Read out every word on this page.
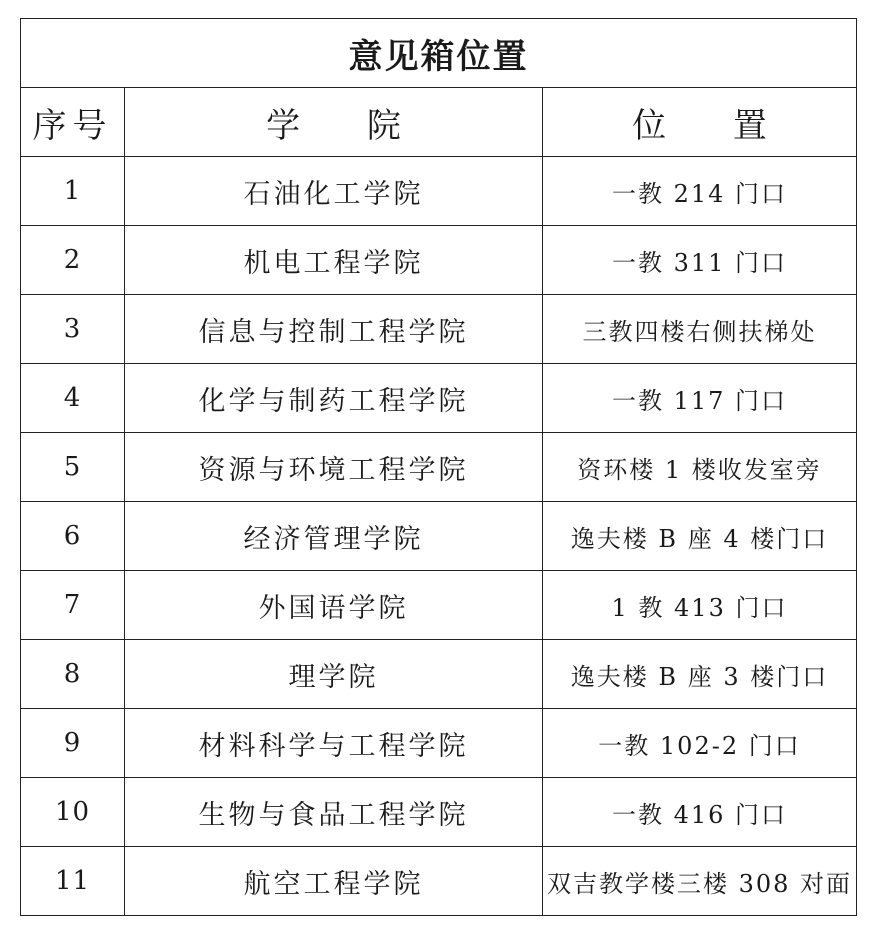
意见箱位置		
序号	学 院	位 置
1	石油化工学院	一教 214 门口
2	机电工程学院	一教 311 门口
3	信息与控制工程学院	三教四楼右侧扶梯处
4	化学与制药工程学院	一教 117 门口
5	资源与环境工程学院	资环楼 1 楼收发室旁
6	经济管理学院	逸夫楼 B 座 4 楼门口
7	外国语学院	1 教 413 门口
8	理学院	逸夫楼 B 座 3 楼门口
9	材料科学与工程学院	一教 102-2 门口
10	生物与食品工程学院	一教 416 门口
11	航空工程学院	双吉教学楼三楼 308 对面
